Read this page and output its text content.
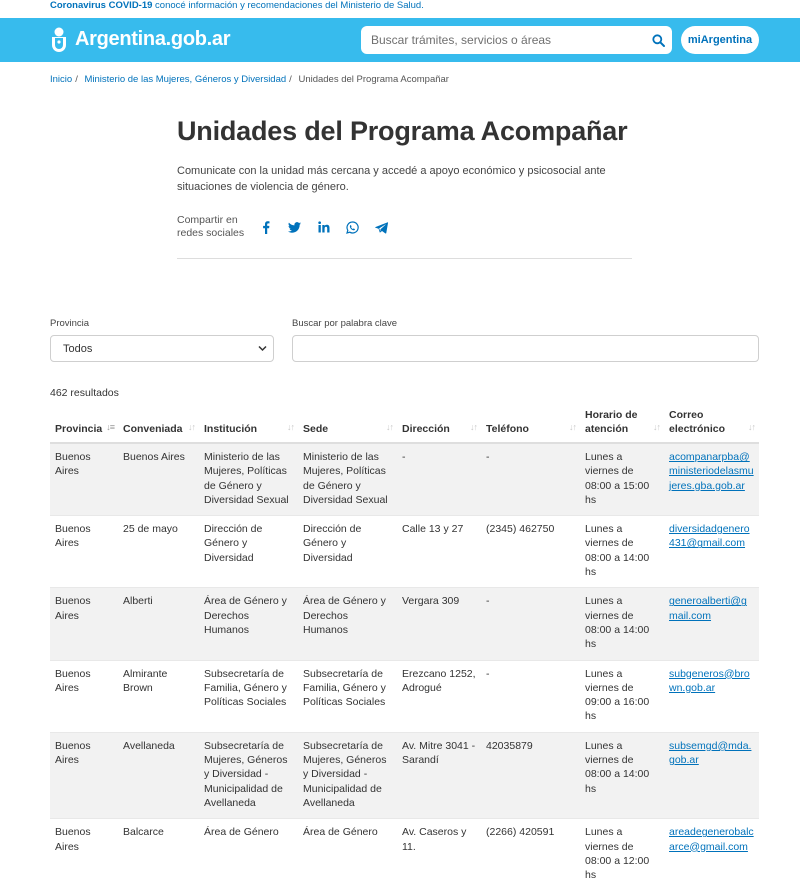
Coronavirus COVID-19 conocé información y recomendaciones del Ministerio de Salud.
Argentina.gob.ar
Buscar trámites, servicios o áreas	miArgentina
Inicio / Ministerio de las Mujeres, Géneros y Diversidad / Unidades del Programa Acompañar
Unidades del Programa Acompañar

Comunicate con la unidad más cercana y accedé a apoyo económico y psicosocial ante situaciones de violencia de género.

Compartir en redes sociales
Provincia
Todos
Buscar por palabra clave
462 resultados
Provincia ↓≡	Conveniada ↓↑	Institución ↓↑	Sede ↓↑	Dirección ↓↑	Teléfono ↓↑	Horario de atención ↓↑	Correo electrónico ↓↑

Buenos Aires	Buenos Aires	Ministerio de las Mujeres, Políticas de Género y Diversidad Sexual	Ministerio de las Mujeres, Políticas de Género y Diversidad Sexual	-	-	Lunes a viernes de 08:00 a 15:00 hs	acompanarpba@ministeriodelasmujeres.gba.gob.ar
Buenos Aires	25 de mayo	Dirección de Género y Diversidad	Dirección de Género y Diversidad	Calle 13 y 27	(2345) 462750	Lunes a viernes de 08:00 a 14:00 hs	diversidadgenero431@gmail.com
Buenos Aires	Alberti	Área de Género y Derechos Humanos	Área de Género y Derechos Humanos	Vergara 309	-	Lunes a viernes de 08:00 a 14:00 hs	generoalberti@gmail.com
Buenos Aires	Almirante Brown	Subsecretaría de Familia, Género y Políticas Sociales	Subsecretaría de Familia, Género y Políticas Sociales	Erezcano 1252, Adrogué	-	Lunes a viernes de 09:00 a 16:00 hs	subgeneros@brown.gob.ar
Buenos Aires	Avellaneda	Subsecretaría de Mujeres, Géneros y Diversidad - Municipalidad de Avellaneda	Subsecretaría de Mujeres, Géneros y Diversidad - Municipalidad de Avellaneda	Av. Mitre 3041 - Sarandí	42035879	Lunes a viernes de 08:00 a 14:00 hs	subsemgd@mda.gob.ar
Buenos Aires	Balcarce	Área de Género	Área de Género	Av. Caseros y 11.	(2266) 420591	Lunes a viernes de 08:00 a 12:00 hs	areadegenerobalcarce@gmail.com
